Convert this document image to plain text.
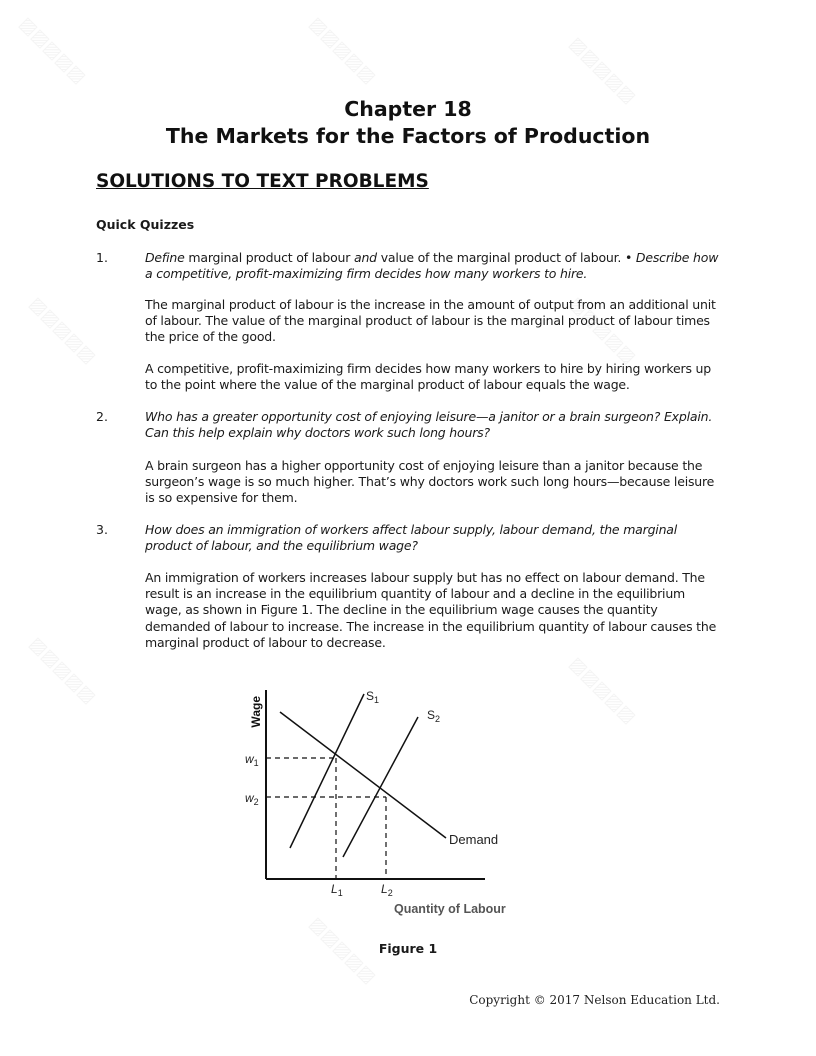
Chapter 18
The Markets for the Factors of Production
SOLUTIONS TO TEXT PROBLEMS
Quick Quizzes
1.	Define marginal product of labour and value of the marginal product of labour. • Describe how a competitive, profit-maximizing firm decides how many workers to hire.
The marginal product of labour is the increase in the amount of output from an additional unit of labour. The value of the marginal product of labour is the marginal product of labour times the price of the good.
A competitive, profit-maximizing firm decides how many workers to hire by hiring workers up to the point where the value of the marginal product of labour equals the wage.
2.	Who has a greater opportunity cost of enjoying leisure—a janitor or a brain surgeon? Explain. Can this help explain why doctors work such long hours?
A brain surgeon has a higher opportunity cost of enjoying leisure than a janitor because the surgeon’s wage is so much higher. That’s why doctors work such long hours—because leisure is so expensive for them.
3.	How does an immigration of workers affect labour supply, labour demand, the marginal product of labour, and the equilibrium wage?
An immigration of workers increases labour supply but has no effect on labour demand. The result is an increase in the equilibrium quantity of labour and a decline in the equilibrium wage, as shown in Figure 1. The decline in the equilibrium wage causes the quantity demanded of labour to increase. The increase in the equilibrium quantity of labour causes the marginal product of labour to decrease.
Wage
$w_1$
$w_2$
$L_1$	$L_2$
$S_1$
$S_2$
Demand
Quantity of Labour
Figure 1
Copyright © 2017 Nelson Education Ltd.
▨▨▨▨▨	▨▨▨▨▨	▨▨▨▨▨
▨▨▨▨▨	▨▨▨▨▨
▨▨▨▨▨	▨▨▨▨▨
▨▨▨▨▨
